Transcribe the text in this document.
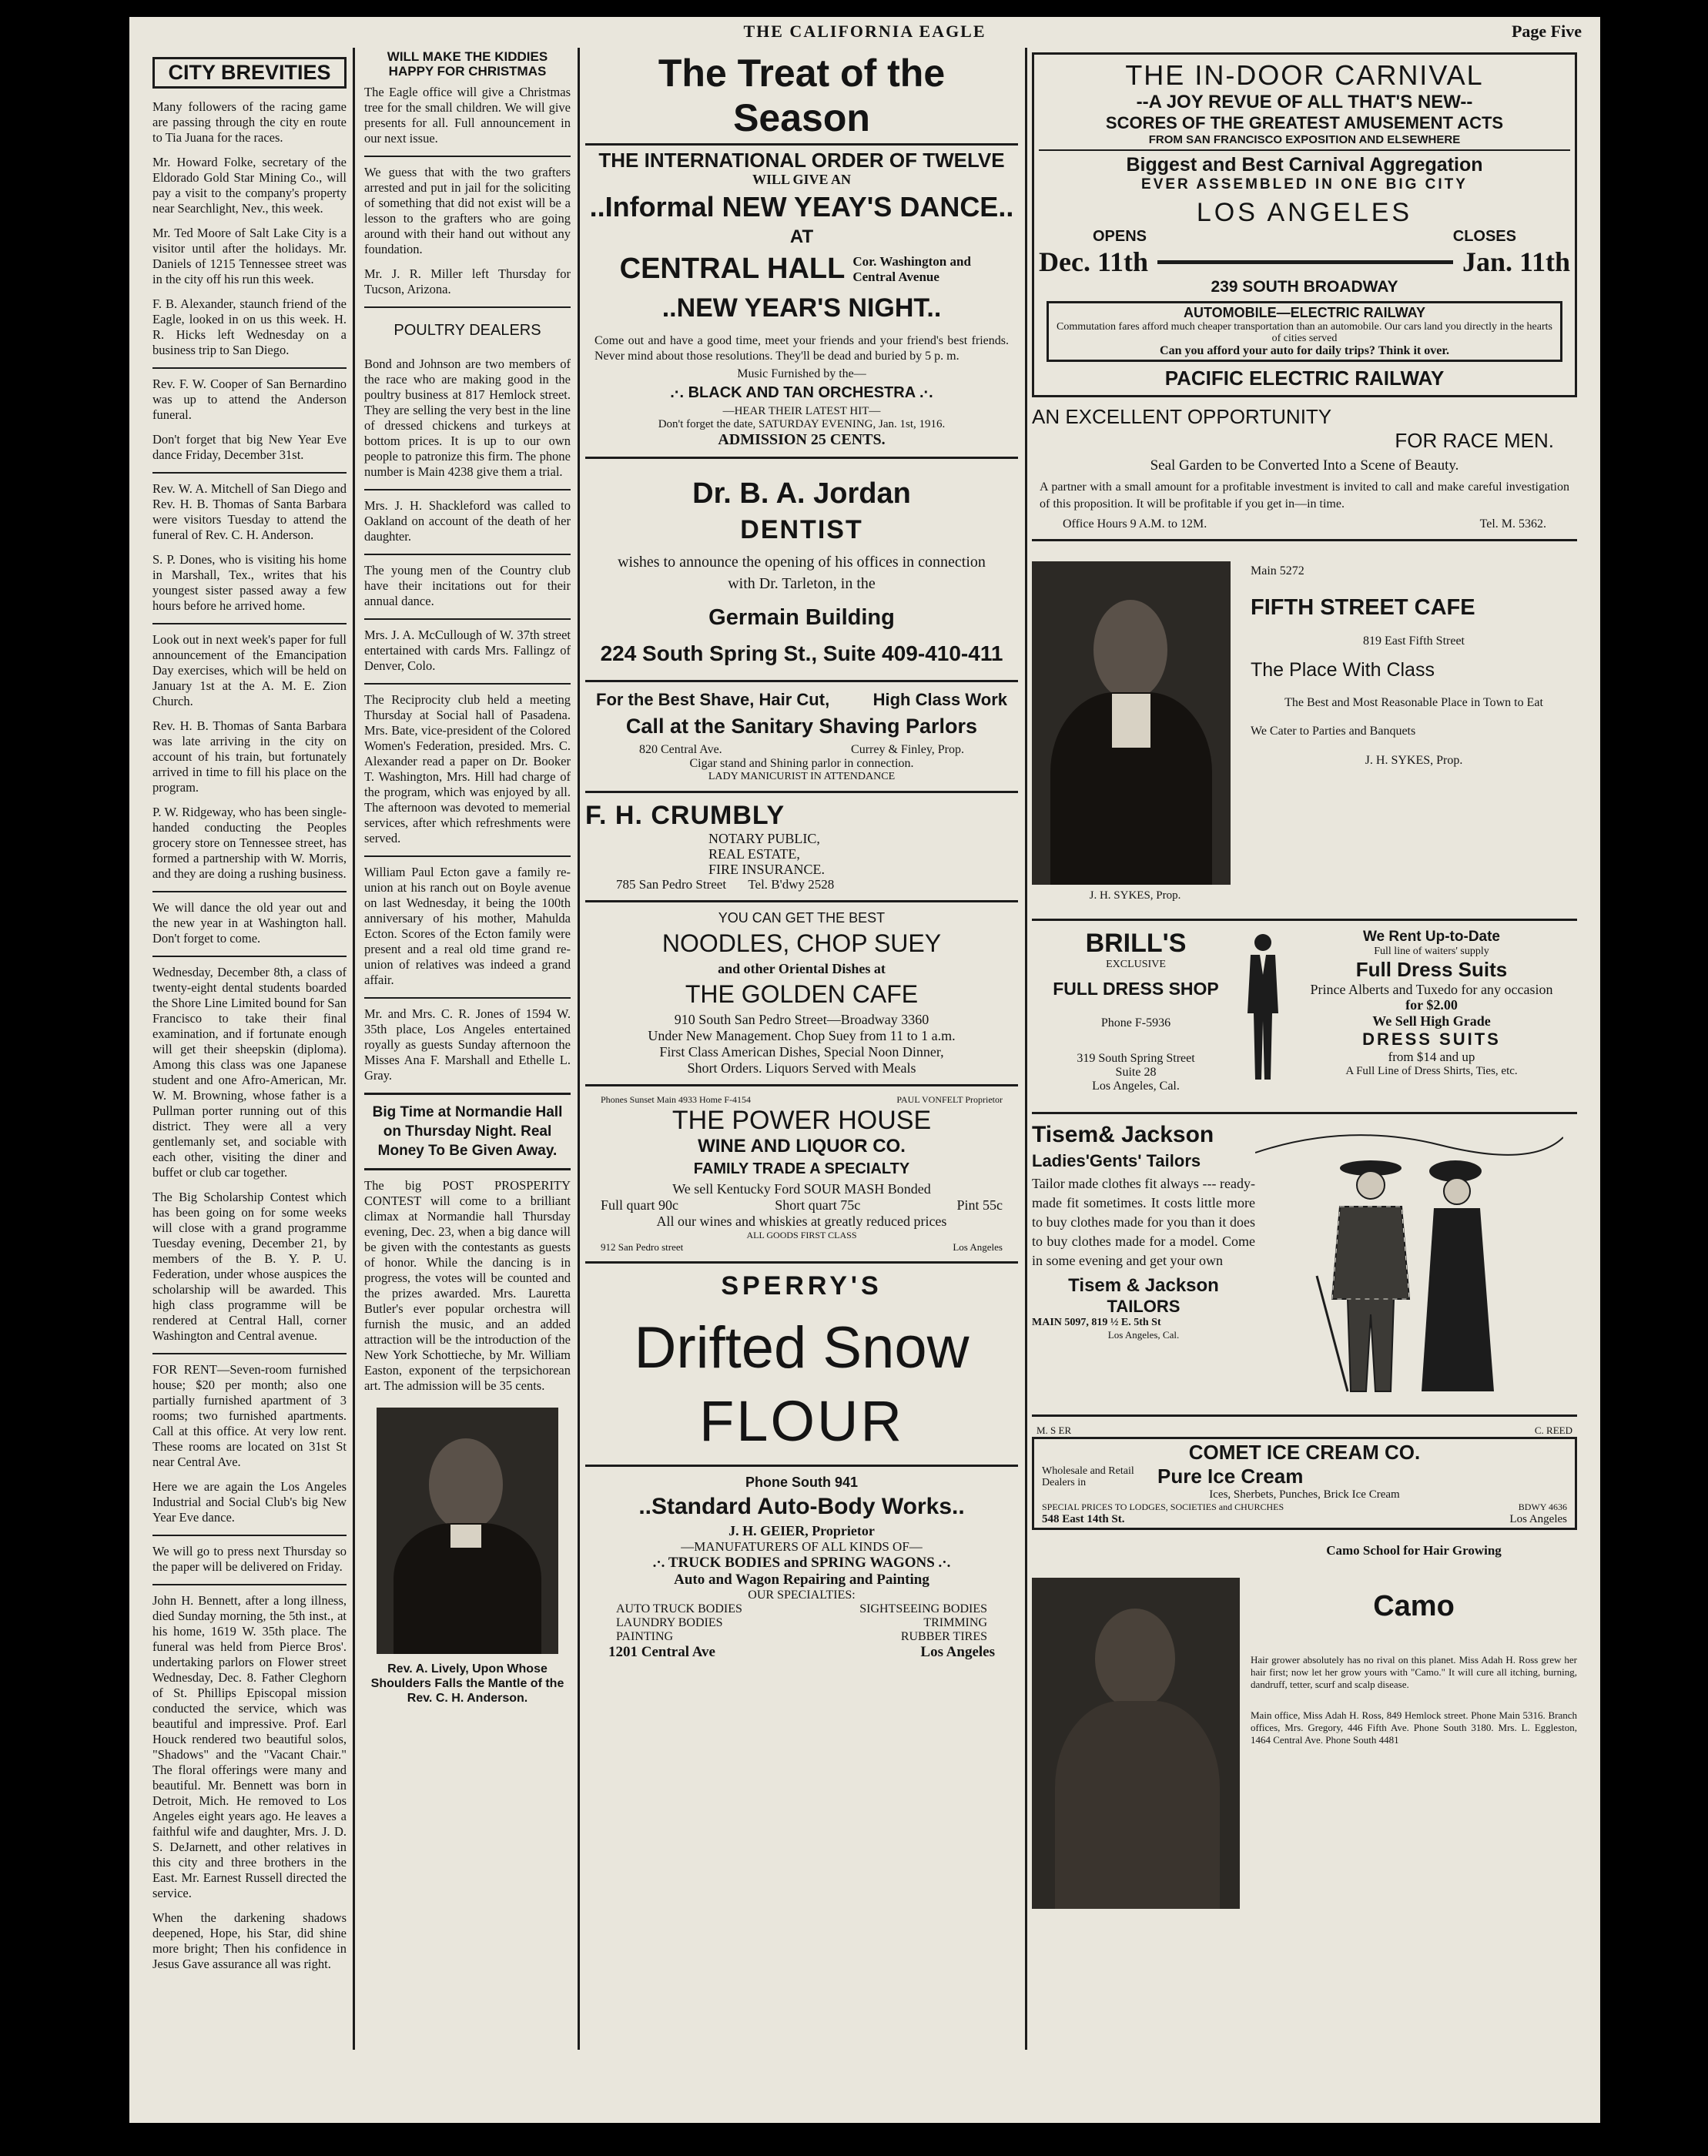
THE CALIFORNIA EAGLE	Page Five
CITY BREVITIES

Many followers of the racing game are passing through the city en route to Tia Juana for the races.

Mr. Howard Folke, secretary of the Eldorado Gold Star Mining Co., will pay a visit to the company's property near Searchlight, Nev., this week.

Mr. Ted Moore of Salt Lake City is a visitor until after the holidays. Mr. Daniels of 1215 Tennessee street was in the city off his run this week.

F. B. Alexander, staunch friend of the Eagle, looked in on us this week. H. R. Hicks left Wednesday on a business trip to San Diego.

Rev. F. W. Cooper of San Bernardino was up to attend the Anderson funeral.

Don't forget that big New Year Eve dance Friday, December 31st.

Rev. W. A. Mitchell of San Diego and Rev. H. B. Thomas of Santa Barbara were visitors Tuesday to attend the funeral of Rev. C. H. Anderson.

S. P. Dones, who is visiting his home in Marshall, Tex., writes that his youngest sister passed away a few hours before he arrived home.

Look out in next week's paper for full announcement of the Emancipation Day exercises, which will be held on January 1st at the A. M. E. Zion Church.

Rev. H. B. Thomas of Santa Barbara was late arriving in the city on account of his train, but fortunately arrived in time to fill his place on the program.

P. W. Ridgeway, who has been single-handed conducting the Peoples grocery store on Tennessee street, has formed a partnership with W. Morris, and they are doing a rushing business.

We will dance the old year out and the new year in at Washington hall. Don't forget to come.

Wednesday, December 8th, a class of twenty-eight dental students boarded the Shore Line Limited bound for San Francisco to take their final examination, and if fortunate enough will get their sheepskin (diploma). Among this class was one Japanese student and one Afro-American, Mr. W. M. Browning, whose father is a Pullman porter running out of this district. They were all a very gentlemanly set, and sociable with each other, visiting the diner and buffet or club car together.

The Big Scholarship Contest which has been going on for some weeks will close with a grand programme Tuesday evening, December 21, by members of the B. Y. P. U. Federation, under whose auspices the scholarship will be awarded. This high class programme will be rendered at Central Hall, corner Washington and Central avenue.

FOR RENT—Seven-room furnished house; $20 per month; also one partially furnished apartment of 3 rooms; two furnished apartments. Call at this office. At very low rent. These rooms are located on 31st St near Central Ave.

Here we are again the Los Angeles Industrial and Social Club's big New Year Eve dance.

We will go to press next Thursday so the paper will be delivered on Friday.

John H. Bennett, after a long illness, died Sunday morning, the 5th inst., at his home, 1619 W. 35th place. The funeral was held from Pierce Bros'. undertaking parlors on Flower street Wednesday, Dec. 8. Father Cleghorn of St. Phillips Episcopal mission conducted the service, which was beautiful and impressive. Prof. Earl Houck rendered two beautiful solos, "Shadows" and the "Vacant Chair." The floral offerings were many and beautiful. Mr. Bennett was born in Detroit, Mich. He removed to Los Angeles eight years ago. He leaves a faithful wife and daughter, Mrs. J. D. S. DeJarnett, and other relatives in this city and three brothers in the East. Mr. Earnest Russell directed the service.

When the darkening shadows deepened, Hope, his Star, did shine more bright; Then his confidence in Jesus Gave assurance all was right.

WILL MAKE THE KIDDIES HAPPY FOR CHRISTMAS

The Eagle office will give a Christmas tree for the small children. We will give presents for all. Full announcement in our next issue.

We guess that with the two grafters arrested and put in jail for the soliciting of something that did not exist will be a lesson to the grafters who are going around with their hand out without any foundation.

Mr. J. R. Miller left Thursday for Tucson, Arizona.

POULTRY DEALERS

Bond and Johnson are two members of the race who are making good in the poultry business at 817 Hemlock street. They are selling the very best in the line of dressed chickens and turkeys at bottom prices. It is up to our own people to patronize this firm. The phone number is Main 4238 give them a trial.

Mrs. J. H. Shackleford was called to Oakland on account of the death of her daughter.

The young men of the Country club have their incitations out for their annual dance.

Mrs. J. A. McCullough of W. 37th street entertained with cards Mrs. Fallingz of Denver, Colo.

The Reciprocity club held a meeting Thursday at Social hall of Pasadena. Mrs. Bate, vice-president of the Colored Women's Federation, presided. Mrs. C. Alexander read a paper on Dr. Booker T. Washington, Mrs. Hill had charge of the program, which was enjoyed by all. The afternoon was devoted to memerial services, after which refreshments were served.

William Paul Ecton gave a family re-union at his ranch out on Boyle avenue on last Wednesday, it being the 100th anniversary of his mother, Mahulda Ecton. Scores of the Ecton family were present and a real old time grand re-union of relatives was indeed a grand affair.

Mr. and Mrs. C. R. Jones of 1594 W. 35th place, Los Angeles entertained royally as guests Sunday afternoon the Misses Ana F. Marshall and Ethelle L. Gray.

Big Time at Normandie Hall on Thursday Night. Real Money To Be Given Away.

The big POST PROSPERITY CONTEST will come to a brilliant climax at Normandie hall Thursday evening, Dec. 23, when a big dance will be given with the contestants as guests of honor. While the dancing is in progress, the votes will be counted and the prizes awarded. Mrs. Lauretta Butler's ever popular orchestra will furnish the music, and an added attraction will be the introduction of the New York Schottieche, by Mr. William Easton, exponent of the terpsichorean art. The admission will be 35 cents.

Rev. A. Lively, Upon Whose Shoulders Falls the Mantle of the Rev. C. H. Anderson.
The Treat of the Season
THE INTERNATIONAL ORDER OF TWELVE
WILL GIVE AN
..Informal NEW YEAY'S DANCE..
AT
CENTRAL HALL Cor. Washington and Central Avenue
..NEW YEAR'S NIGHT..

Come out and have a good time, meet your friends and your friend's best friends. Never mind about those resolutions. They'll be dead and buried by 5 p. m.

Music Furnished by the—
.·. BLACK AND TAN ORCHESTRA .·.
—HEAR THEIR LATEST HIT—
Don't forget the date, SATURDAY EVENING, Jan. 1st, 1916.
ADMISSION 25 CENTS.
Dr. B. A. Jordan
DENTIST
wishes to announce the opening of his offices in connection with Dr. Tarleton, in the
Germain Building
224 South Spring St., Suite 409-410-411
For the Best Shave, Hair Cut,	High Class Work
Call at the Sanitary Shaving Parlors
820 Central Ave.	Currey & Finley, Prop.
Cigar stand and Shining parlor in connection.
LADY MANICURIST IN ATTENDANCE
F. H. CRUMBLY
NOTARY PUBLIC,
REAL ESTATE,
FIRE INSURANCE.
785 San Pedro Street Tel. B'dwy 2528
YOU CAN GET THE BEST
NOODLES, CHOP SUEY
and other Oriental Dishes at
THE GOLDEN CAFE
910 South San Pedro Street—Broadway 3360
Under New Management. Chop Suey from 11 to 1 a.m.
First Class American Dishes, Special Noon Dinner,
Short Orders. Liquors Served with Meals
Phones Sunset Main 4933 Home F-4154	PAUL VONFELT Proprietor
THE POWER HOUSE
WINE AND LIQUOR CO.
FAMILY TRADE A SPECIALTY
We sell Kentucky Ford SOUR MASH Bonded
Full quart 90c	Short quart 75c	Pint 55c
All our wines and whiskies at greatly reduced prices
ALL GOODS FIRST CLASS
912 San Pedro street	Los Angeles
SPERRY'S
Drifted Snow
FLOUR
Phone South 941
..Standard Auto-Body Works..
J. H. GEIER, Proprietor
—MANUFATURERS OF ALL KINDS OF—
.·. TRUCK BODIES and SPRING WAGONS .·.
Auto and Wagon Repairing and Painting
OUR SPECIALTIES:
AUTO TRUCK BODIES	SIGHTSEEING BODIES
LAUNDRY BODIES	TRIMMING
PAINTING	RUBBER TIRES
1201 Central Ave	Los Angeles
THE IN-DOOR CARNIVAL
--A JOY REVUE OF ALL THAT'S NEW--
SCORES OF THE GREATEST AMUSEMENT ACTS
FROM SAN FRANCISCO EXPOSITION AND ELSEWHERE
Biggest and Best Carnival Aggregation
EVER ASSEMBLED IN ONE BIG CITY
LOS ANGELES
OPENS	CLOSES
Dec. 11th	Jan. 11th
239 SOUTH BROADWAY
AUTOMOBILE—ELECTRIC RAILWAY
Commutation fares afford much cheaper transportation than an automobile. Our cars land you directly in the hearts of cities served
Can you afford your auto for daily trips? Think it over.
PACIFIC ELECTRIC RAILWAY
AN EXCELLENT OPPORTUNITY
FOR RACE MEN.
Seal Garden to be Converted Into a Scene of Beauty.

A partner with a small amount for a profitable investment is invited to call and make careful investigation of this proposition. It will be profitable if you get in—in time.

Office Hours 9 A.M. to 12M.	Tel. M. 5362.
J. H. SYKES, Prop.
Main 5272
FIFTH STREET CAFE
819 East Fifth Street
The Place With Class
The Best and Most Reasonable Place in Town to Eat
We Cater to Parties and Banquets
J. H. SYKES, Prop.
BRILL'S
EXCLUSIVE
FULL DRESS SHOP
Phone F-5936
319 South Spring Street
Suite 28
Los Angeles, Cal.
We Rent Up-to-Date
Full line of waiters' supply
Full Dress Suits
Prince Alberts and Tuxedo for any occasion
for $2.00
We Sell High Grade
DRESS SUITS
from $14 and up
A Full Line of Dress Shirts, Ties, etc.
Tisem& Jackson
Ladies'Gents' Tailors

Tailor made clothes fit always --- ready-made fit sometimes. It costs little more to buy clothes made for you than it does to buy clothes made for a model. Come in some evening and get your own

Tisem & Jackson
TAILORS
MAIN 5097, 819 ½ E. 5th St
Los Angeles, Cal.
M. S ER	C. REED
COMET ICE CREAM CO.
Wholesale and Retail Dealers in	Pure Ice Cream
Ices, Sherbets, Punches, Brick Ice Cream
SPECIAL PRICES TO LODGES, SOCIETIES and CHURCHES	BDWY 4636
548 East 14th St.	Los Angeles
Camo School for Hair Growing
Camo

Hair grower absolutely has no rival on this planet. Miss Adah H. Ross grew her hair first; now let her grow yours with "Camo." It will cure all itching, burning, dandruff, tetter, scurf and scalp disease.

Main office, Miss Adah H. Ross, 849 Hemlock street. Phone Main 5316. Branch offices, Mrs. Gregory, 446 Fifth Ave. Phone South 3180. Mrs. L. Eggleston, 1464 Central Ave. Phone South 4481
